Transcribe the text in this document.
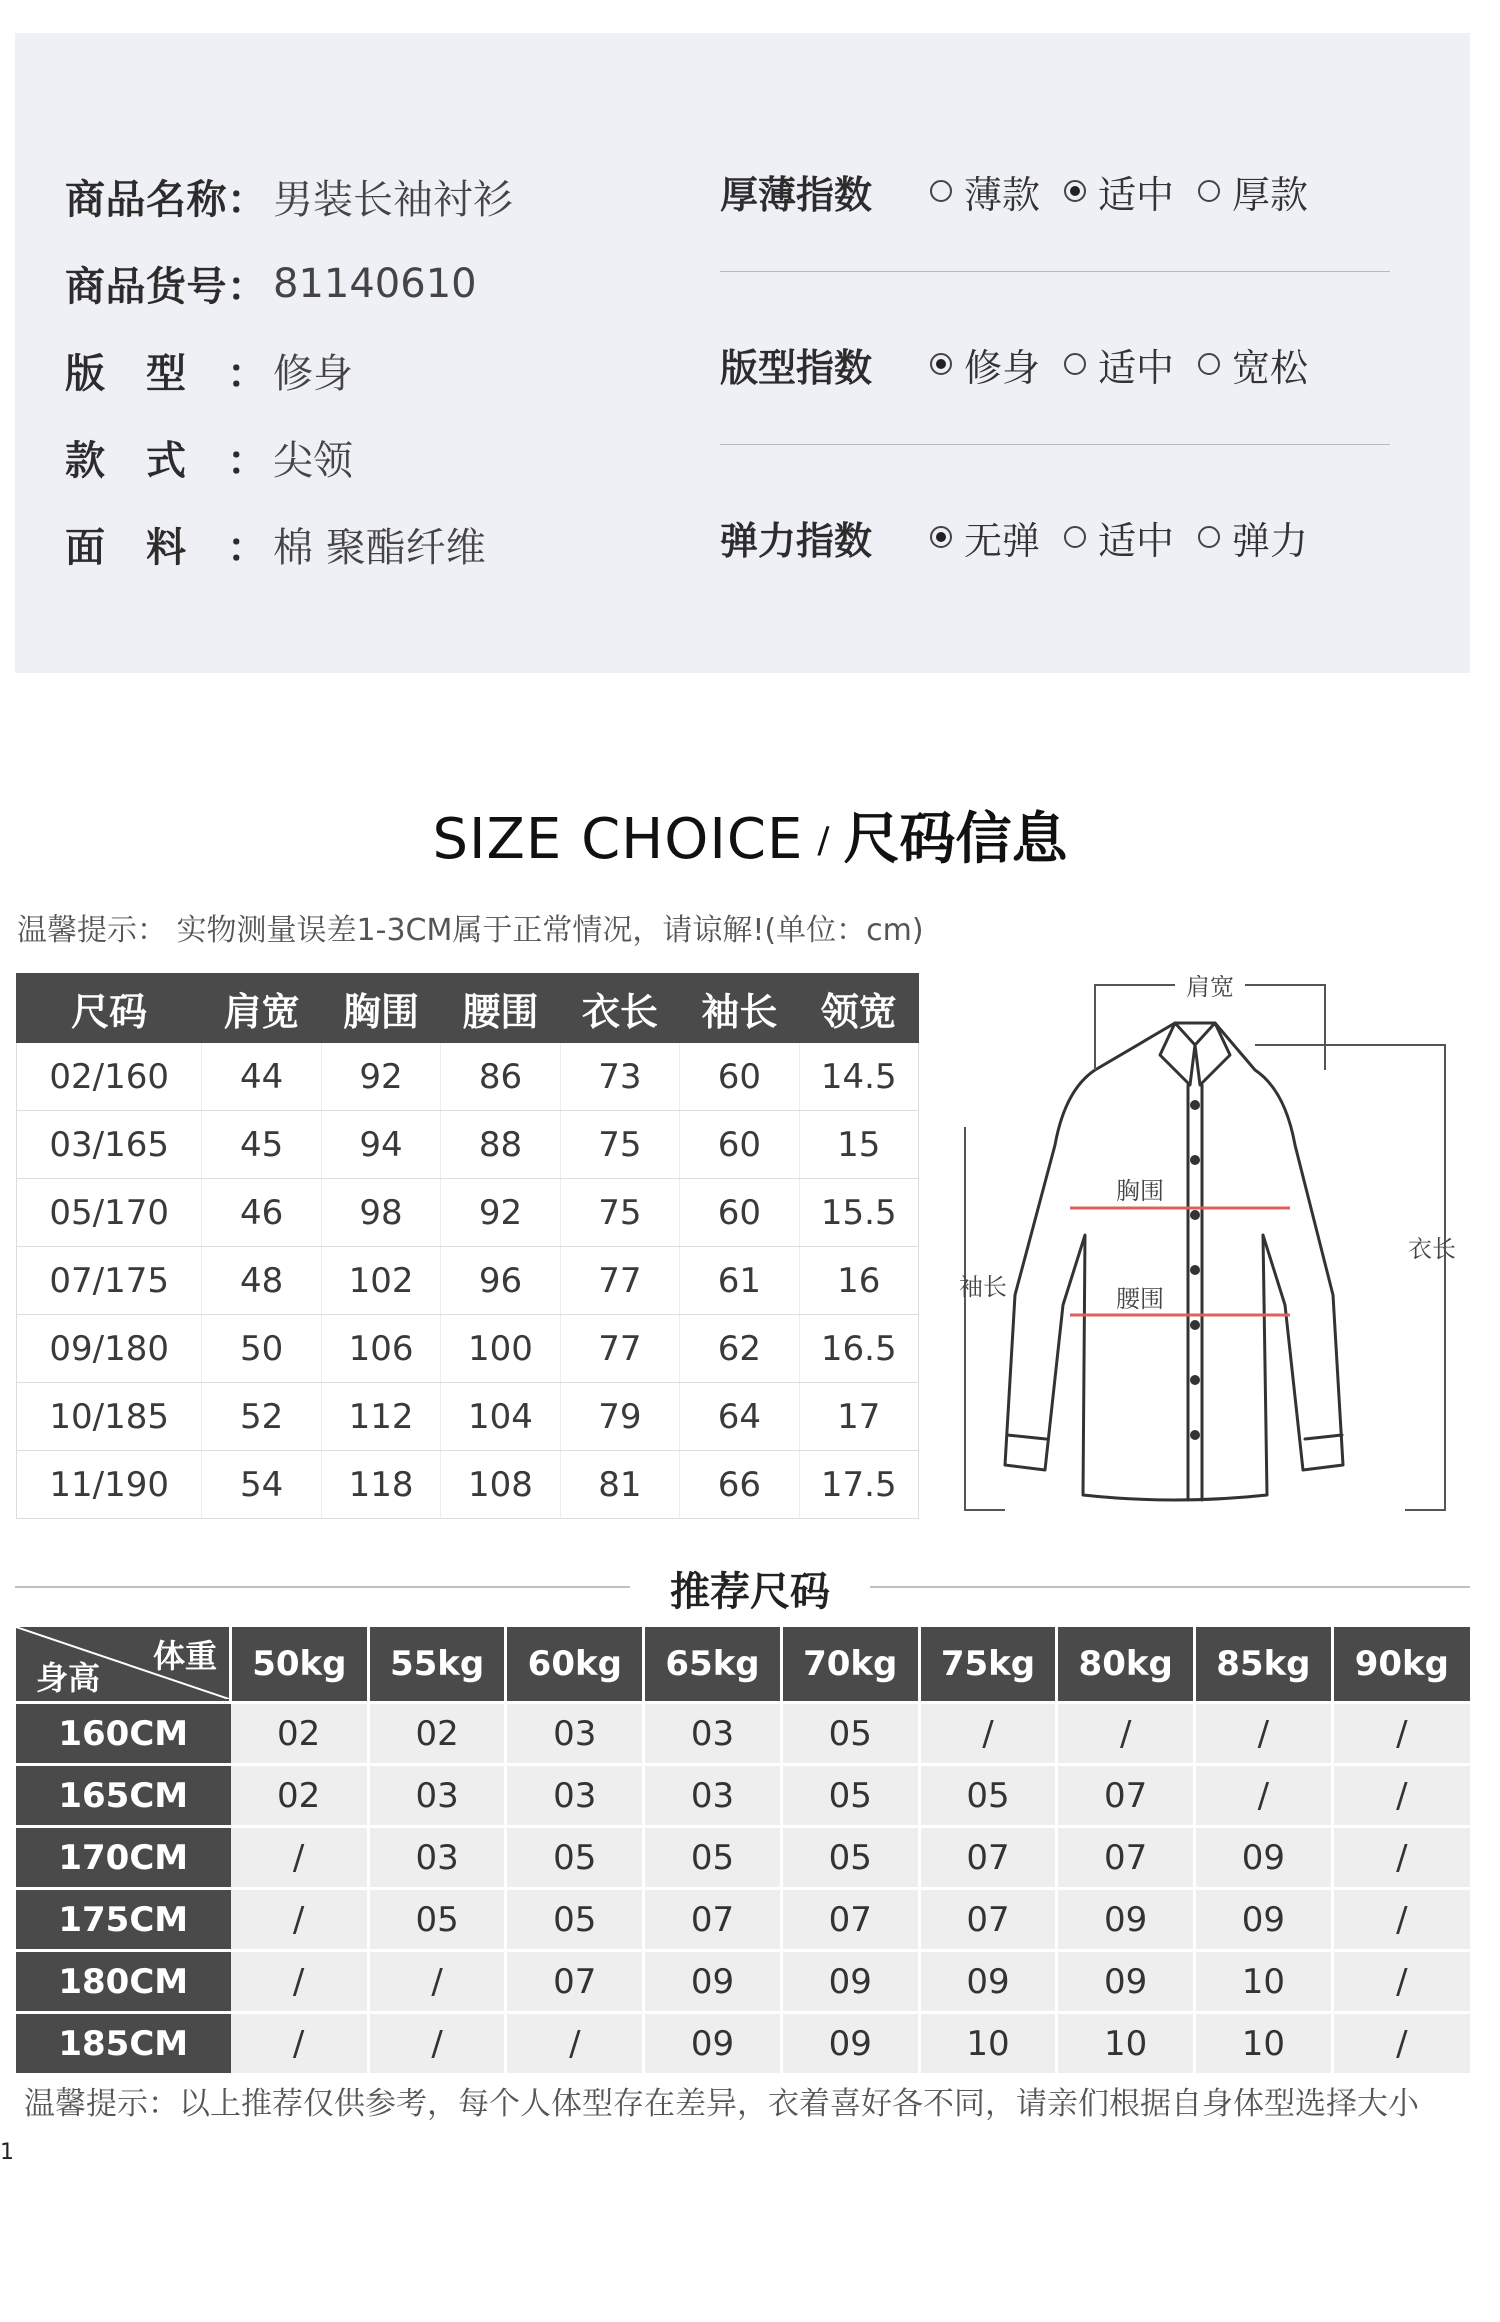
商 品 名 称 ： 男装长袖衬衫
商 品 货 号 ： 81140610
版 型 ： 修身
款 式 ： 尖领
面 料 ： 棉 聚酯纤维
厚薄指数	薄款 适中 厚款
版型指数	修身 适中 宽松
弹力指数	无弹 适中 弹力
SIZE CHOICE / 尺码信息
温馨提示： 实物测量误差1-3CM属于正常情况，请谅解!(单位：cm)
尺码	肩宽	胸围	腰围	衣长	袖长	领宽
02/160	44	92	86	73	60	14.5
03/165	45	94	88	75	60	15
05/170	46	98	92	75	60	15.5
07/175	48	102	96	77	61	16
09/180	50	106	100	77	62	16.5
10/185	52	112	104	79	64	17
11/190	54	118	108	81	66	17.5
肩宽
胸围
腰围
袖长
衣长
推荐尺码
体重
身高	50kg	55kg	60kg	65kg	70kg	75kg	80kg	85kg	90kg
160CM	02	02	03	03	05	/	/	/	/
165CM	02	03	03	03	05	05	07	/	/
170CM	/	03	05	05	05	07	07	09	/
175CM	/	05	05	07	07	07	09	09	/
180CM	/	/	07	09	09	09	09	10	/
185CM	/	/	/	09	09	10	10	10	/
温馨提示：以上推荐仅供参考，每个人体型存在差异，衣着喜好各不同，请亲们根据自身体型选择大小
1
